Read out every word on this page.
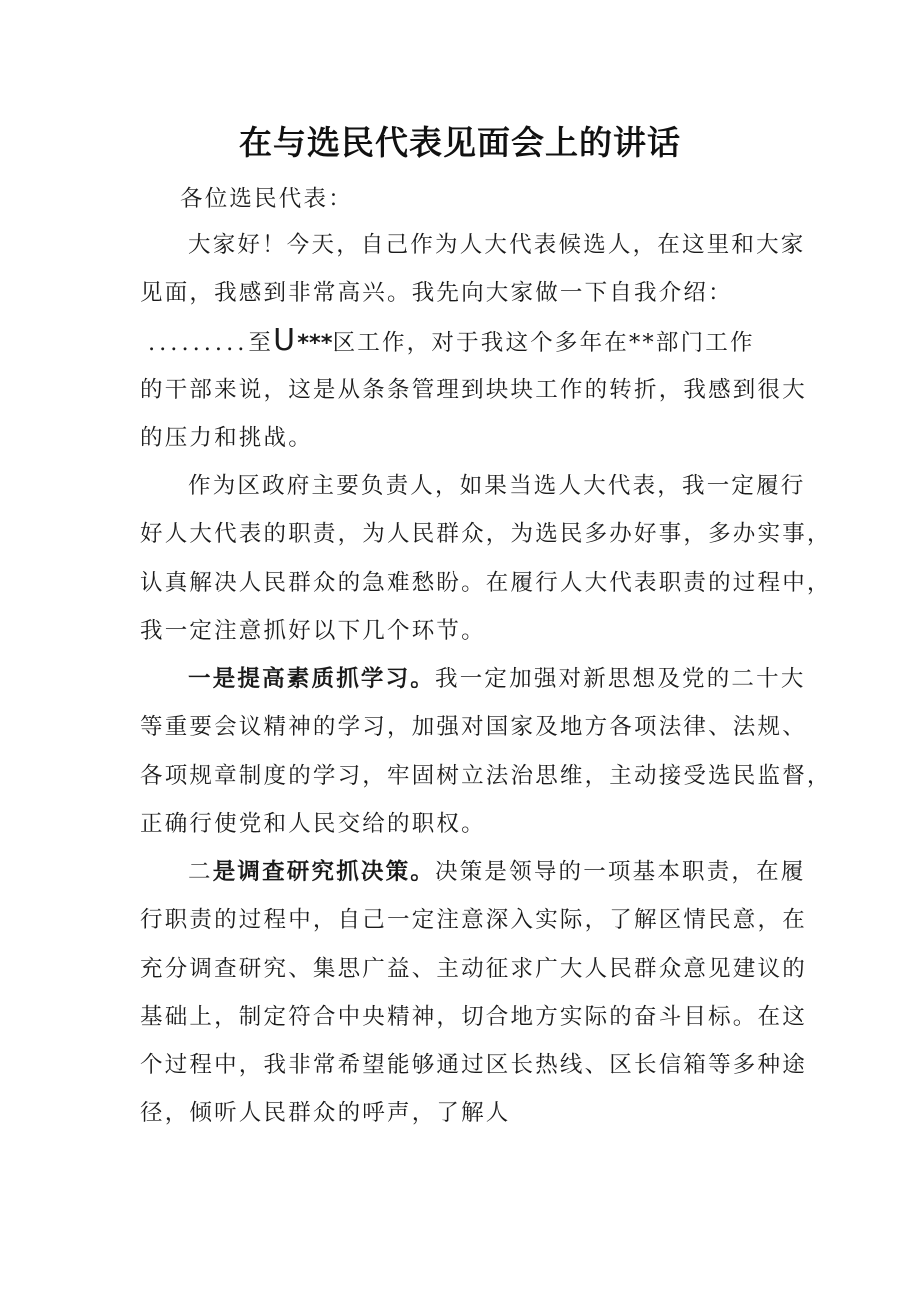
在与选民代表见面会上的讲话
各位选民代表：
大家好！今天，自己作为人大代表候选人，在这里和大家
见面，我感到非常高兴。我先向大家做一下自我介绍：
.........至U***区工作，对于我这个多年在**部门工作
的干部来说，这是从条条管理到块块工作的转折，我感到很大
的压力和挑战。
作为区政府主要负责人，如果当选人大代表，我一定履行
好人大代表的职责，为人民群众，为选民多办好事，多办实事，
认真解决人民群众的急难愁盼。在履行人大代表职责的过程中，
我一定注意抓好以下几个环节。
一是提高素质抓学习。我一定加强对新思想及党的二十大
等重要会议精神的学习，加强对国家及地方各项法律、法规、
各项规章制度的学习，牢固树立法治思维，主动接受选民监督，
正确行使党和人民交给的职权。
二是调查研究抓决策。决策是领导的一项基本职责，在履
行职责的过程中，自己一定注意深入实际，了解区情民意，在
充分调查研究、集思广益、主动征求广大人民群众意见建议的
基础上，制定符合中央精神，切合地方实际的奋斗目标。在这
个过程中，我非常希望能够通过区长热线、区长信箱等多种途
径，倾听人民群众的呼声，了解人
